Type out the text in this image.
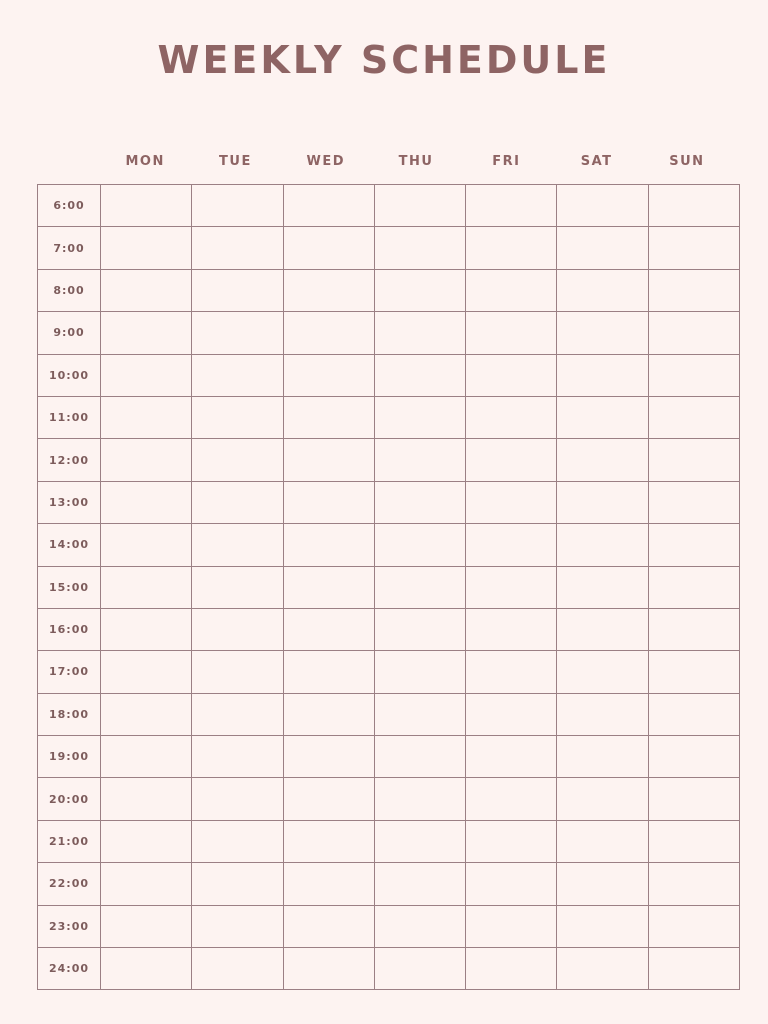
WEEKLY SCHEDULE
MON	TUE	WED	THU	FRI	SAT	SUN
6:00							
7:00							
8:00							
9:00							
10:00							
11:00							
12:00							
13:00							
14:00							
15:00							
16:00							
17:00							
18:00							
19:00							
20:00							
21:00							
22:00							
23:00							
24:00							
